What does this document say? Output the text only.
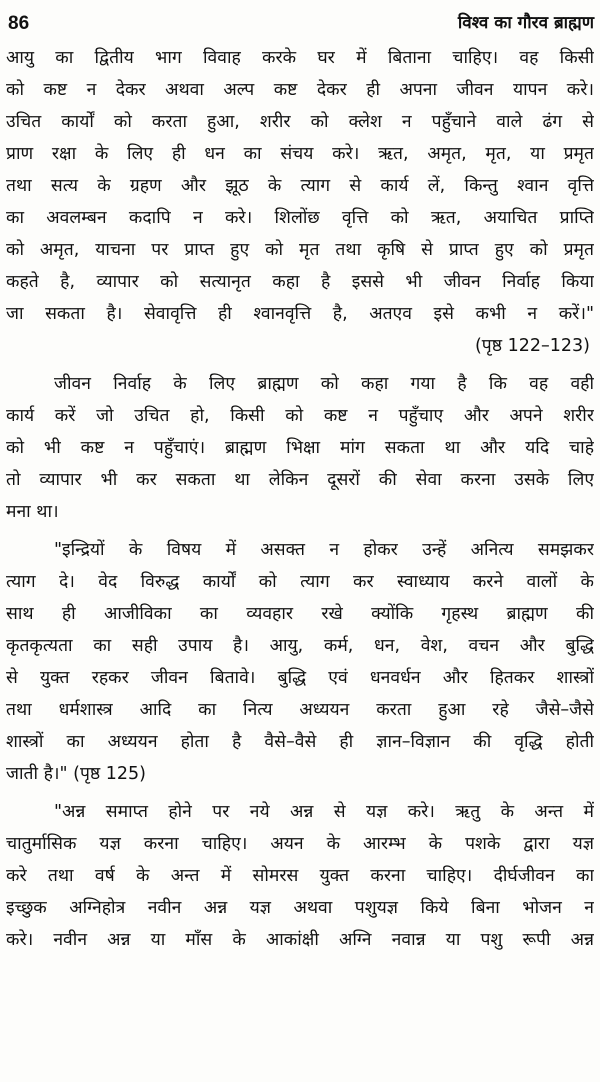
86	विश्व का गौरव ब्राह्मण
आयु का द्वितीय भाग विवाह करके घर में बिताना चाहिए। वह किसी
को कष्ट न देकर अथवा अल्प कष्ट देकर ही अपना जीवन यापन करे।
उचित कार्यों को करता हुआ, शरीर को क्लेश न पहुँचाने वाले ढंग से
प्राण रक्षा के लिए ही धन का संचय करे। ऋत, अमृत, मृत, या प्रमृत
तथा सत्य के ग्रहण और झूठ के त्याग से कार्य लें, किन्तु श्वान वृत्ति
का अवलम्बन कदापि न करे। शिलोंछ वृत्ति को ऋत, अयाचित प्राप्ति
को अमृत, याचना पर प्राप्त हुए को मृत तथा कृषि से प्राप्त हुए को प्रमृत
कहते है, व्यापार को सत्यानृत कहा है इससे भी जीवन निर्वाह किया
जा सकता है। सेवावृत्ति ही श्वानवृत्ति है, अतएव इसे कभी न करें।"
(पृष्ठ 122–123)
जीवन निर्वाह के लिए ब्राह्मण को कहा गया है कि वह वही
कार्य करें जो उचित हो, किसी को कष्ट न पहुँचाए और अपने शरीर
को भी कष्ट न पहुँचाएं। ब्राह्मण भिक्षा मांग सकता था और यदि चाहे
तो व्यापार भी कर सकता था लेकिन दूसरों की सेवा करना उसके लिए
मना था।
"इन्द्रियों के विषय में असक्त न होकर उन्हें अनित्य समझकर
त्याग दे। वेद विरुद्ध कार्यों को त्याग कर स्वाध्याय करने वालों के
साथ ही आजीविका का व्यवहार रखे क्योंकि गृहस्थ ब्राह्मण की
कृतकृत्यता का सही उपाय है। आयु, कर्म, धन, वेश, वचन और बुद्धि
से युक्त रहकर जीवन बितावे। बुद्धि एवं धनवर्धन और हितकर शास्त्रों
तथा धर्मशास्त्र आदि का नित्य अध्ययन करता हुआ रहे जैसे–जैसे
शास्त्रों का अध्ययन होता है वैसे–वैसे ही ज्ञान–विज्ञान की वृद्धि होती
जाती है।" (पृष्ठ 125)
"अन्न समाप्त होने पर नये अन्न से यज्ञ करे। ऋतु के अन्त में
चातुर्मासिक यज्ञ करना चाहिए। अयन के आरम्भ के पशके द्वारा यज्ञ
करे तथा वर्ष के अन्त में सोमरस युक्त करना चाहिए। दीर्घजीवन का
इच्छुक अग्निहोत्र नवीन अन्न यज्ञ अथवा पशुयज्ञ किये बिना भोजन न
करे। नवीन अन्न या माँस के आकांक्षी अग्नि नवान्न या पशु रूपी अन्न
